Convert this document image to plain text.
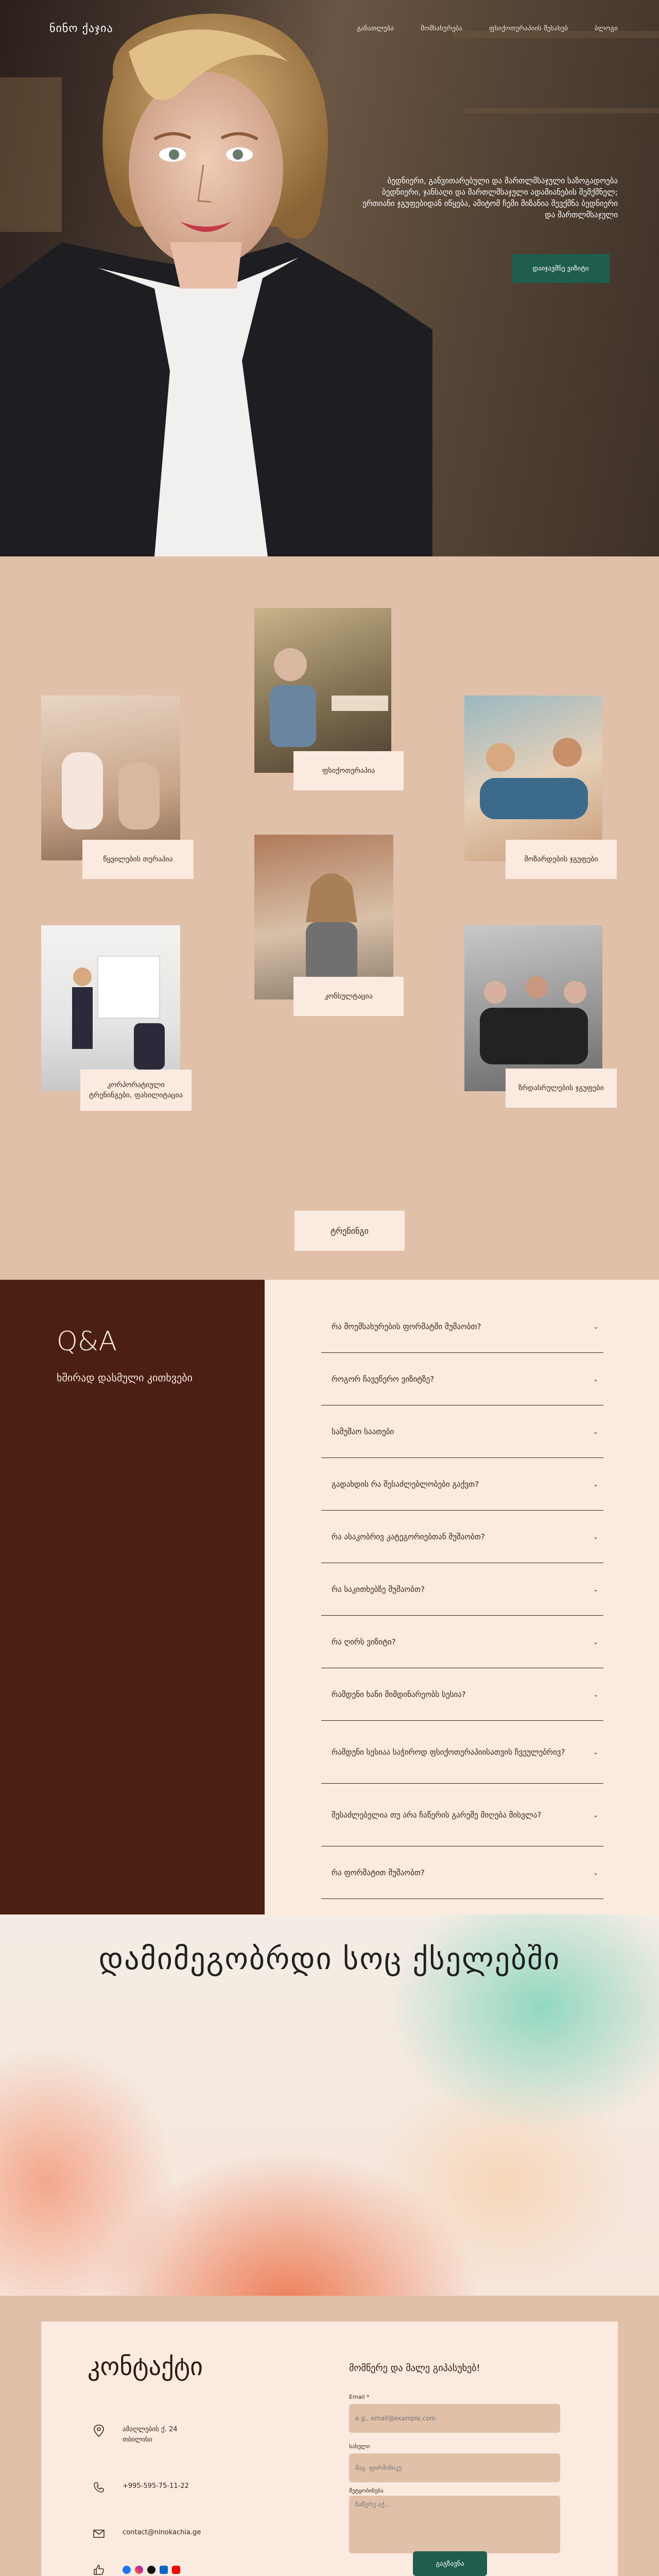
ნინო ქაჯია	განათლება	მომსახურება	ფსიქოთერაპიის შესახებ	ბლოგი

ბედნიერი, განვითარებული და მართლმსაჯული საზოგადოება ბედნიერი, ჯანსაღი და მართლმსაჯული ადამიანების შემქმნელ; ერთიანი ჯგუფებიდან იწყება, ამიტომ ჩემი მიზანია შევქმნა ბედნიერი და მართლმსაჯული

დაიჯავშნე ვიზიტი
ფსიქოთერაპია
წყვილების თერაპია	მოზარდების ჯგუფები
კონსულტაცია
კორპორატიული ტრენინგები, ფასილიტაცია
ზრდასრულების ჯგუფები
ტრენინგი
Q&A
ხშირად დასმული კითხვები
რა მოემსახურების ფორმატში მუშაობთ?	⌄
როგორ ჩავეწერო ვიზიტზე?	⌄
სამუშაო საათები	⌄
გადახდის რა შესაძლებლობები გაქვთ?	⌄
რა ასაკობრივ კატეგორიებთან მუშაობთ?	⌄
რა საკითხებზე მუშაობთ?	⌄
რა ღირს ვიზიტი?	⌄
რამდენი ხანი მიმდინარეობს სესია?	⌄
რამდენი სესიაა საჭიროდ ფსიქოთერაპიისათვის ჩვეულებრივ?	⌄
შესაძლებელია თუ არა ჩაწერის გარეშე მიღება მისვლა?	⌄
რა ფორმატით მუშაობთ?	⌄
დამიმეგობრდი სოც ქსელებში
კონტაქტი
ამაღლების ქ. 24 თბილისი
+995-595-75-11-22
contact@ninokachia.ge
მომწერე და მალე გიპასუხებ!
Email *
e.g., email@example.com
სახელი
მაგ. ფირმინიკუ
შეტყობინება
ჩაწერე აქ...
გაგზავნა
